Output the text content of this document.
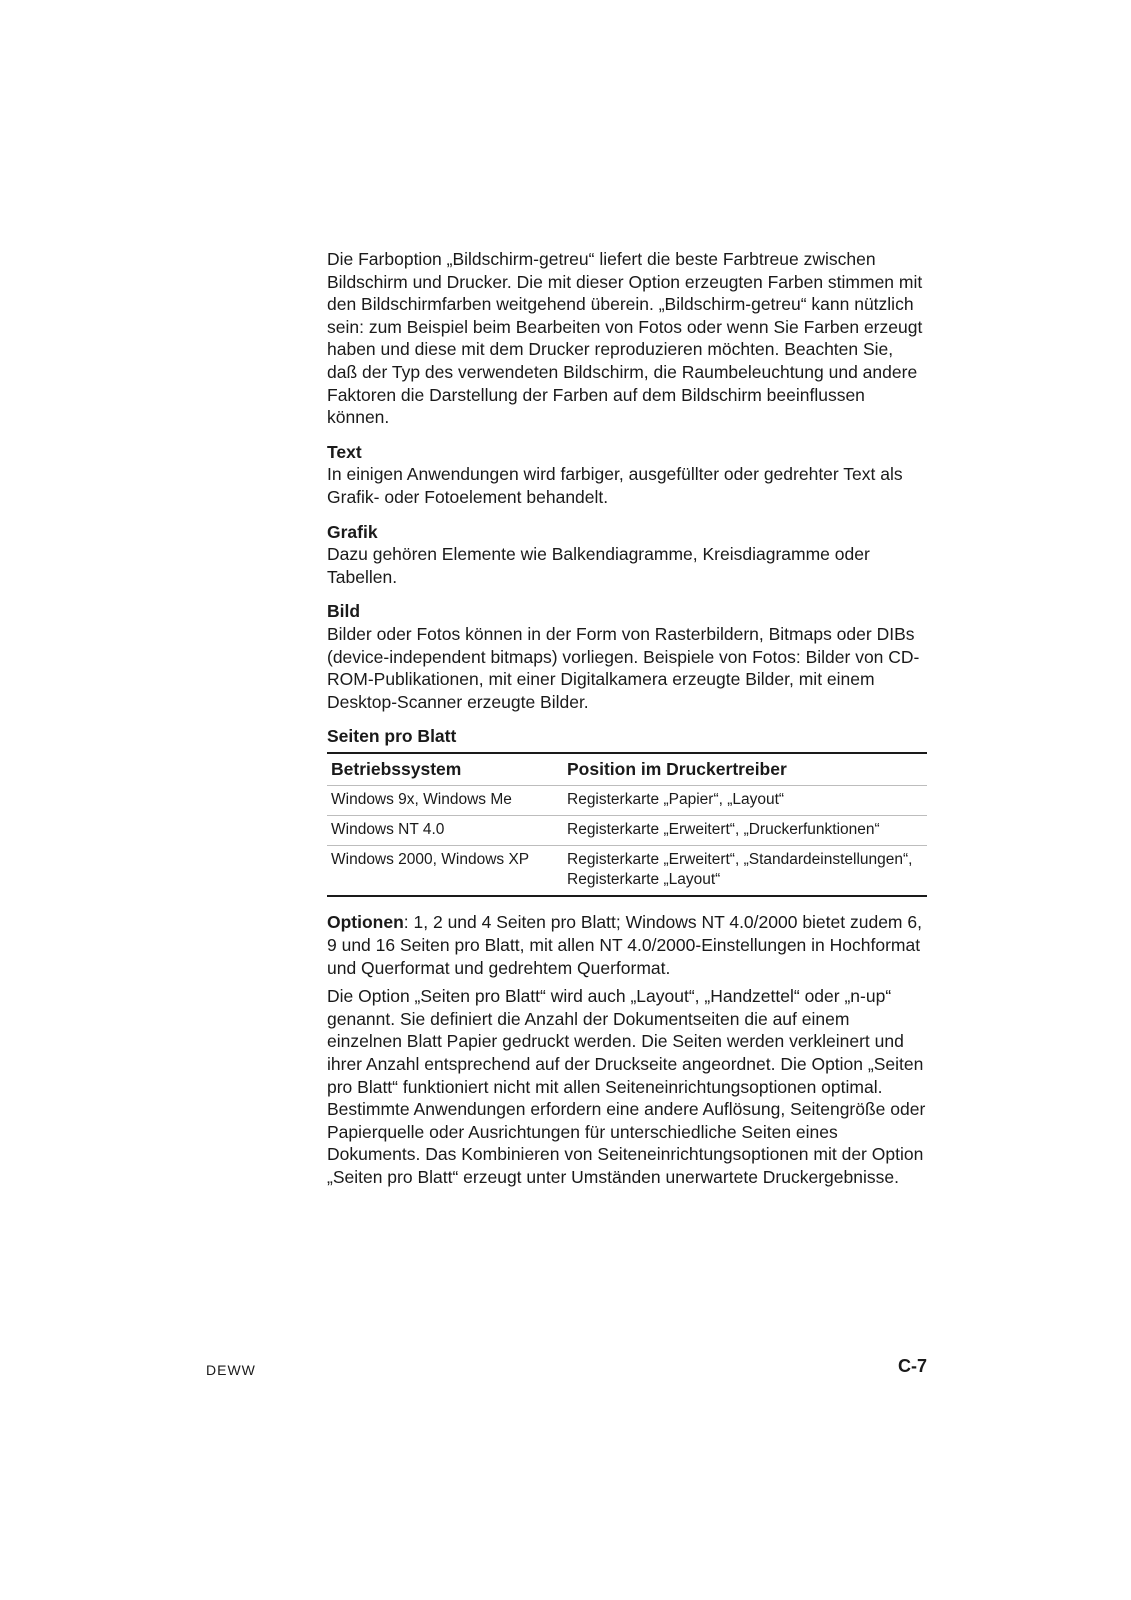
Die Farboption „Bildschirm-getreu“ liefert die beste Farbtreue zwischen Bildschirm und Drucker. Die mit dieser Option erzeugten Farben stimmen mit den Bildschirmfarben weitgehend überein. „Bildschirm-getreu“ kann nützlich sein: zum Beispiel beim Bearbeiten von Fotos oder wenn Sie Farben erzeugt haben und diese mit dem Drucker reproduzieren möchten. Beachten Sie, daß der Typ des verwendeten Bildschirm, die Raumbeleuchtung und andere Faktoren die Darstellung der Farben auf dem Bildschirm beeinflussen können.

Text

In einigen Anwendungen wird farbiger, ausgefüllter oder gedrehter Text als Grafik- oder Fotoelement behandelt.

Grafik

Dazu gehören Elemente wie Balkendiagramme, Kreisdiagramme oder Tabellen.

Bild

Bilder oder Fotos können in der Form von Rasterbildern, Bitmaps oder DIBs (device-independent bitmaps) vorliegen. Beispiele von Fotos: Bilder von CD-ROM-Publikationen, mit einer Digitalkamera erzeugte Bilder, mit einem Desktop-Scanner erzeugte Bilder.

Seiten pro Blatt

Betriebssystem	Position im Druckertreiber
Windows 9x, Windows Me	Registerkarte „Papier“, „Layout“
Windows NT 4.0	Registerkarte „Erweitert“, „Druckerfunktionen“
Windows 2000, Windows XP	Registerkarte „Erweitert“, „Standardeinstellungen“, Registerkarte „Layout“

Optionen: 1, 2 und 4 Seiten pro Blatt; Windows NT 4.0/2000 bietet zudem 6, 9 und 16 Seiten pro Blatt, mit allen NT 4.0/2000-Einstellungen in Hochformat und Querformat und gedrehtem Querformat.

Die Option „Seiten pro Blatt“ wird auch „Layout“, „Handzettel“ oder „n-up“ genannt. Sie definiert die Anzahl der Dokumentseiten die auf einem einzelnen Blatt Papier gedruckt werden. Die Seiten werden verkleinert und ihrer Anzahl entsprechend auf der Druckseite angeordnet. Die Option „Seiten pro Blatt“ funktioniert nicht mit allen Seiteneinrichtungsoptionen optimal. Bestimmte Anwendungen erfordern eine andere Auflösung, Seitengröße oder Papierquelle oder Ausrichtungen für unterschiedliche Seiten eines Dokuments. Das Kombinieren von Seiteneinrichtungsoptionen mit der Option „Seiten pro Blatt“ erzeugt unter Umständen unerwartete Druckergebnisse.

DEWW	C-7
